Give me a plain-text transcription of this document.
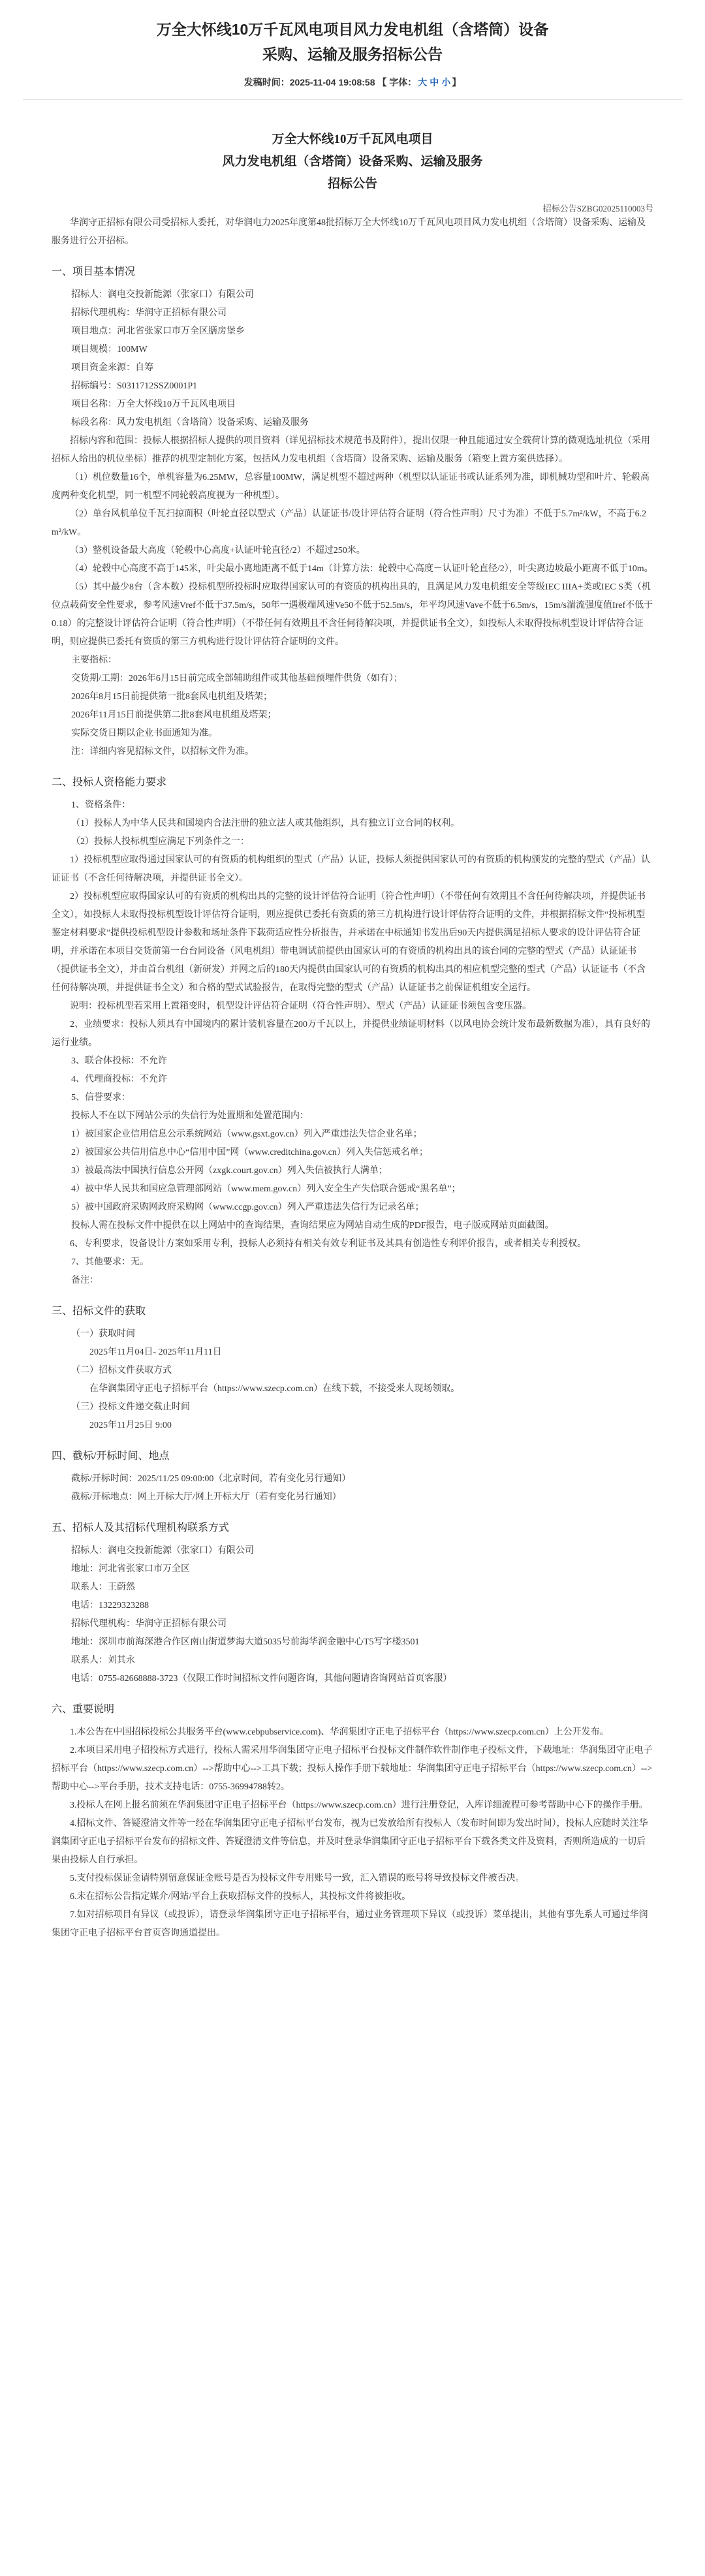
万全大怀线10万千瓦风电项目风力发电机组（含塔筒）设备
采购、运输及服务招标公告
发稿时间：2025-11-04 19:08:58 【 字体： 大 中 小 】
万全大怀线10万千瓦风电项目
风力发电机组（含塔筒）设备采购、运输及服务
招标公告
招标公告SZBG02025110003号

华润守正招标有限公司受招标人委托，对华润电力2025年度第48批招标万全大怀线10万千瓦风电项目风力发电机组（含塔筒）设备采购、运输及服务进行公开招标。

一、项目基本情况

招标人：润电交投新能源（张家口）有限公司

招标代理机构：华润守正招标有限公司

项目地点：河北省张家口市万全区膳房堡乡

项目规模：100MW

项目资金来源：自筹

招标编号：S0311712SSZ0001P1

项目名称：万全大怀线10万千瓦风电项目

标段名称：风力发电机组（含塔筒）设备采购、运输及服务

招标内容和范围：投标人根据招标人提供的项目资料（详见招标技术规范书及附件），提出仅限一种且能通过安全载荷计算的微观选址机位（采用招标人给出的机位坐标）推荐的机型定制化方案，包括风力发电机组（含塔筒）设备采购、运输及服务（箱变上置方案供选择）。

（1）机位数量16个，单机容量为6.25MW，总容量100MW，满足机型不超过两种（机型以认证证书或认证系列为准，即机械功型和叶片、轮毂高度两种变化机型，同一机型不同轮毂高度视为一种机型）。

（2）单台风机单位千瓦扫掠面积（叶轮直径以型式（产品）认证证书/设计评估符合证明（符合性声明）尺寸为准）不低于5.7m²/kW，不高于6.2 m²/kW。

（3）整机设备最大高度（轮毂中心高度+认证叶轮直径/2）不超过250米。

（4）轮毂中心高度不高于145米，叶尖最小离地距离不低于14m（计算方法：轮毂中心高度－认证叶轮直径/2），叶尖离边坡最小距离不低于10m。

（5）其中最少8台（含本数）投标机型所投标时应取得国家认可的有资质的机构出具的，且满足风力发电机组安全等级IEC IIIA+类或IEC S类（机位点载荷安全性要求，参考风速Vref不低于37.5m/s，50年一遇极端风速Ve50不低于52.5m/s，年平均风速Vave不低于6.5m/s，15m/s湍流强度值Iref不低于0.18）的完整设计评估符合证明（符合性声明）（不带任何有效期且不含任何待解决项，并提供证书全文），如投标人未取得投标机型设计评估符合证明，则应提供已委托有资质的第三方机构进行设计评估符合证明的文件。

主要指标：

交货期/工期：2026年6月15日前完成全部辅助组件或其他基础预埋件供货（如有）；

2026年8月15日前提供第一批8套风电机组及塔架；

2026年11月15日前提供第二批8套风电机组及塔架；

实际交货日期以企业书面通知为准。

注：详细内容见招标文件，以招标文件为准。

二、投标人资格能力要求

1、资格条件：

（1）投标人为中华人民共和国境内合法注册的独立法人或其他组织，具有独立订立合同的权利。

（2）投标人投标机型应满足下列条件之一：

1）投标机型应取得通过国家认可的有资质的机构组织的型式（产品）认证，投标人须提供国家认可的有资质的机构颁发的完整的型式（产品）认证证书（不含任何待解决项，并提供证书全文）。

2）投标机型应取得国家认可的有资质的机构出具的完整的设计评估符合证明（符合性声明）（不带任何有效期且不含任何待解决项，并提供证书全文），如投标人未取得投标机型设计评估符合证明，则应提供已委托有资质的第三方机构进行设计评估符合证明的文件，并根据招标文件“投标机型鉴定材料要求”提供投标机型设计参数和场址条件下载荷适应性分析报告，并承诺在中标通知书发出后90天内提供满足招标人要求的设计评估符合证明，并承诺在本项目交货前第一台台同设备（风电机组）带电调试前提供由国家认可的有资质的机构出具的该台同的完整的型式（产品）认证证书（提供证书全文），并由首台机组（新研发）并网之后的180天内提供由国家认可的有资质的机构出具的相应机型完整的型式（产品）认证证书（不含任何待解决项，并提供证书全文）和合格的型式试验报告，在取得完整的型式（产品）认证证书之前保证机组安全运行。

说明：投标机型若采用上置箱变时，机型设计评估符合证明（符合性声明）、型式（产品）认证证书须包含变压器。

2、业绩要求：投标人须具有中国境内的累计装机容量在200万千瓦以上，并提供业绩证明材料（以风电协会统计发布最新数据为准），具有良好的运行业绩。

3、联合体投标：不允许

4、代理商投标：不允许

5、信誉要求：

投标人不在以下网站公示的失信行为处置期和处置范围内：

1）被国家企业信用信息公示系统网站（www.gsxt.gov.cn）列入严重违法失信企业名单；

2）被国家公共信用信息中心“信用中国”网（www.creditchina.gov.cn）列入失信惩戒名单；

3）被最高法中国执行信息公开网（zxgk.court.gov.cn）列入失信被执行人满单；

4）被中华人民共和国应急管理部网站（www.mem.gov.cn）列入安全生产失信联合惩戒“黑名单”；

5）被中国政府采购网政府采购网（www.ccgp.gov.cn）列入严重违法失信行为记录名单；

投标人需在投标文件中提供在以上网站中的查询结果，查询结果应为网站自动生成的PDF报告，电子版或网站页面截图。

6、专利要求，设备设计方案如采用专利，投标人必须持有相关有效专利证书及其具有创造性专利评价报告，或者相关专利授权。

7、其他要求：无。

备注：

三、招标文件的获取

（一）获取时间

2025年11月04日- 2025年11月11日

（二）招标文件获取方式

在华润集团守正电子招标平台（https://www.szecp.com.cn）在线下载，不接受来人现场领取。

（三）投标文件递交截止时间

2025年11月25日 9:00

四、截标/开标时间、地点

截标/开标时间：2025/11/25 09:00:00（北京时间，若有变化另行通知）

截标/开标地点：网上开标大厅/网上开标大厅（若有变化另行通知）

五、招标人及其招标代理机构联系方式

招标人：润电交投新能源（张家口）有限公司

地址：河北省张家口市万全区

联系人：王蔚然

电话：13229323288

招标代理机构：华润守正招标有限公司

地址：深圳市前海深港合作区南山街道梦海大道5035号前海华润金融中心T5写字楼3501

联系人：刘其永

电话：0755-82668888-3723（仅限工作时间招标文件问题咨询，其他问题请咨询网站首页客服）

六、重要说明

1.本公告在中国招标投标公共服务平台(www.cebpubservice.com)、华润集团守正电子招标平台（https://www.szecp.com.cn）上公开发布。

2.本项目采用电子招投标方式进行，投标人需采用华润集团守正电子招标平台投标文件制作软件制作电子投标文件，下载地址：华润集团守正电子招标平台（https://www.szecp.com.cn）-->帮助中心-->工具下载；投标人操作手册下载地址：华润集团守正电子招标平台（https://www.szecp.com.cn）-->帮助中心-->平台手册，技术支持电话：0755-36994788转2。

3.投标人在网上报名前须在华润集团守正电子招标平台（https://www.szecp.com.cn）进行注册登记，入库详细流程可参考帮助中心下的操作手册。

4.招标文件、答疑澄清文件等一经在华润集团守正电子招标平台发布，视为已发放给所有投标人（发布时间即为发出时间），投标人应随时关注华润集团守正电子招标平台发布的招标文件、答疑澄清文件等信息，并及时登录华润集团守正电子招标平台下载各类文件及资料，否则所造成的一切后果由投标人自行承担。

5.支付投标保证金请特别留意保证金账号是否为投标文件专用账号一致，汇入错误的账号将导致投标文件被否决。

6.未在招标公告指定媒介/网站/平台上获取招标文件的投标人，其投标文件将被拒收。

7.如对招标项目有异议（或投诉），请登录华润集团守正电子招标平台，通过业务管理项下异议（或投诉）菜单提出，其他有事先系人可通过华润集团守正电子招标平台首页咨询通道提出。
